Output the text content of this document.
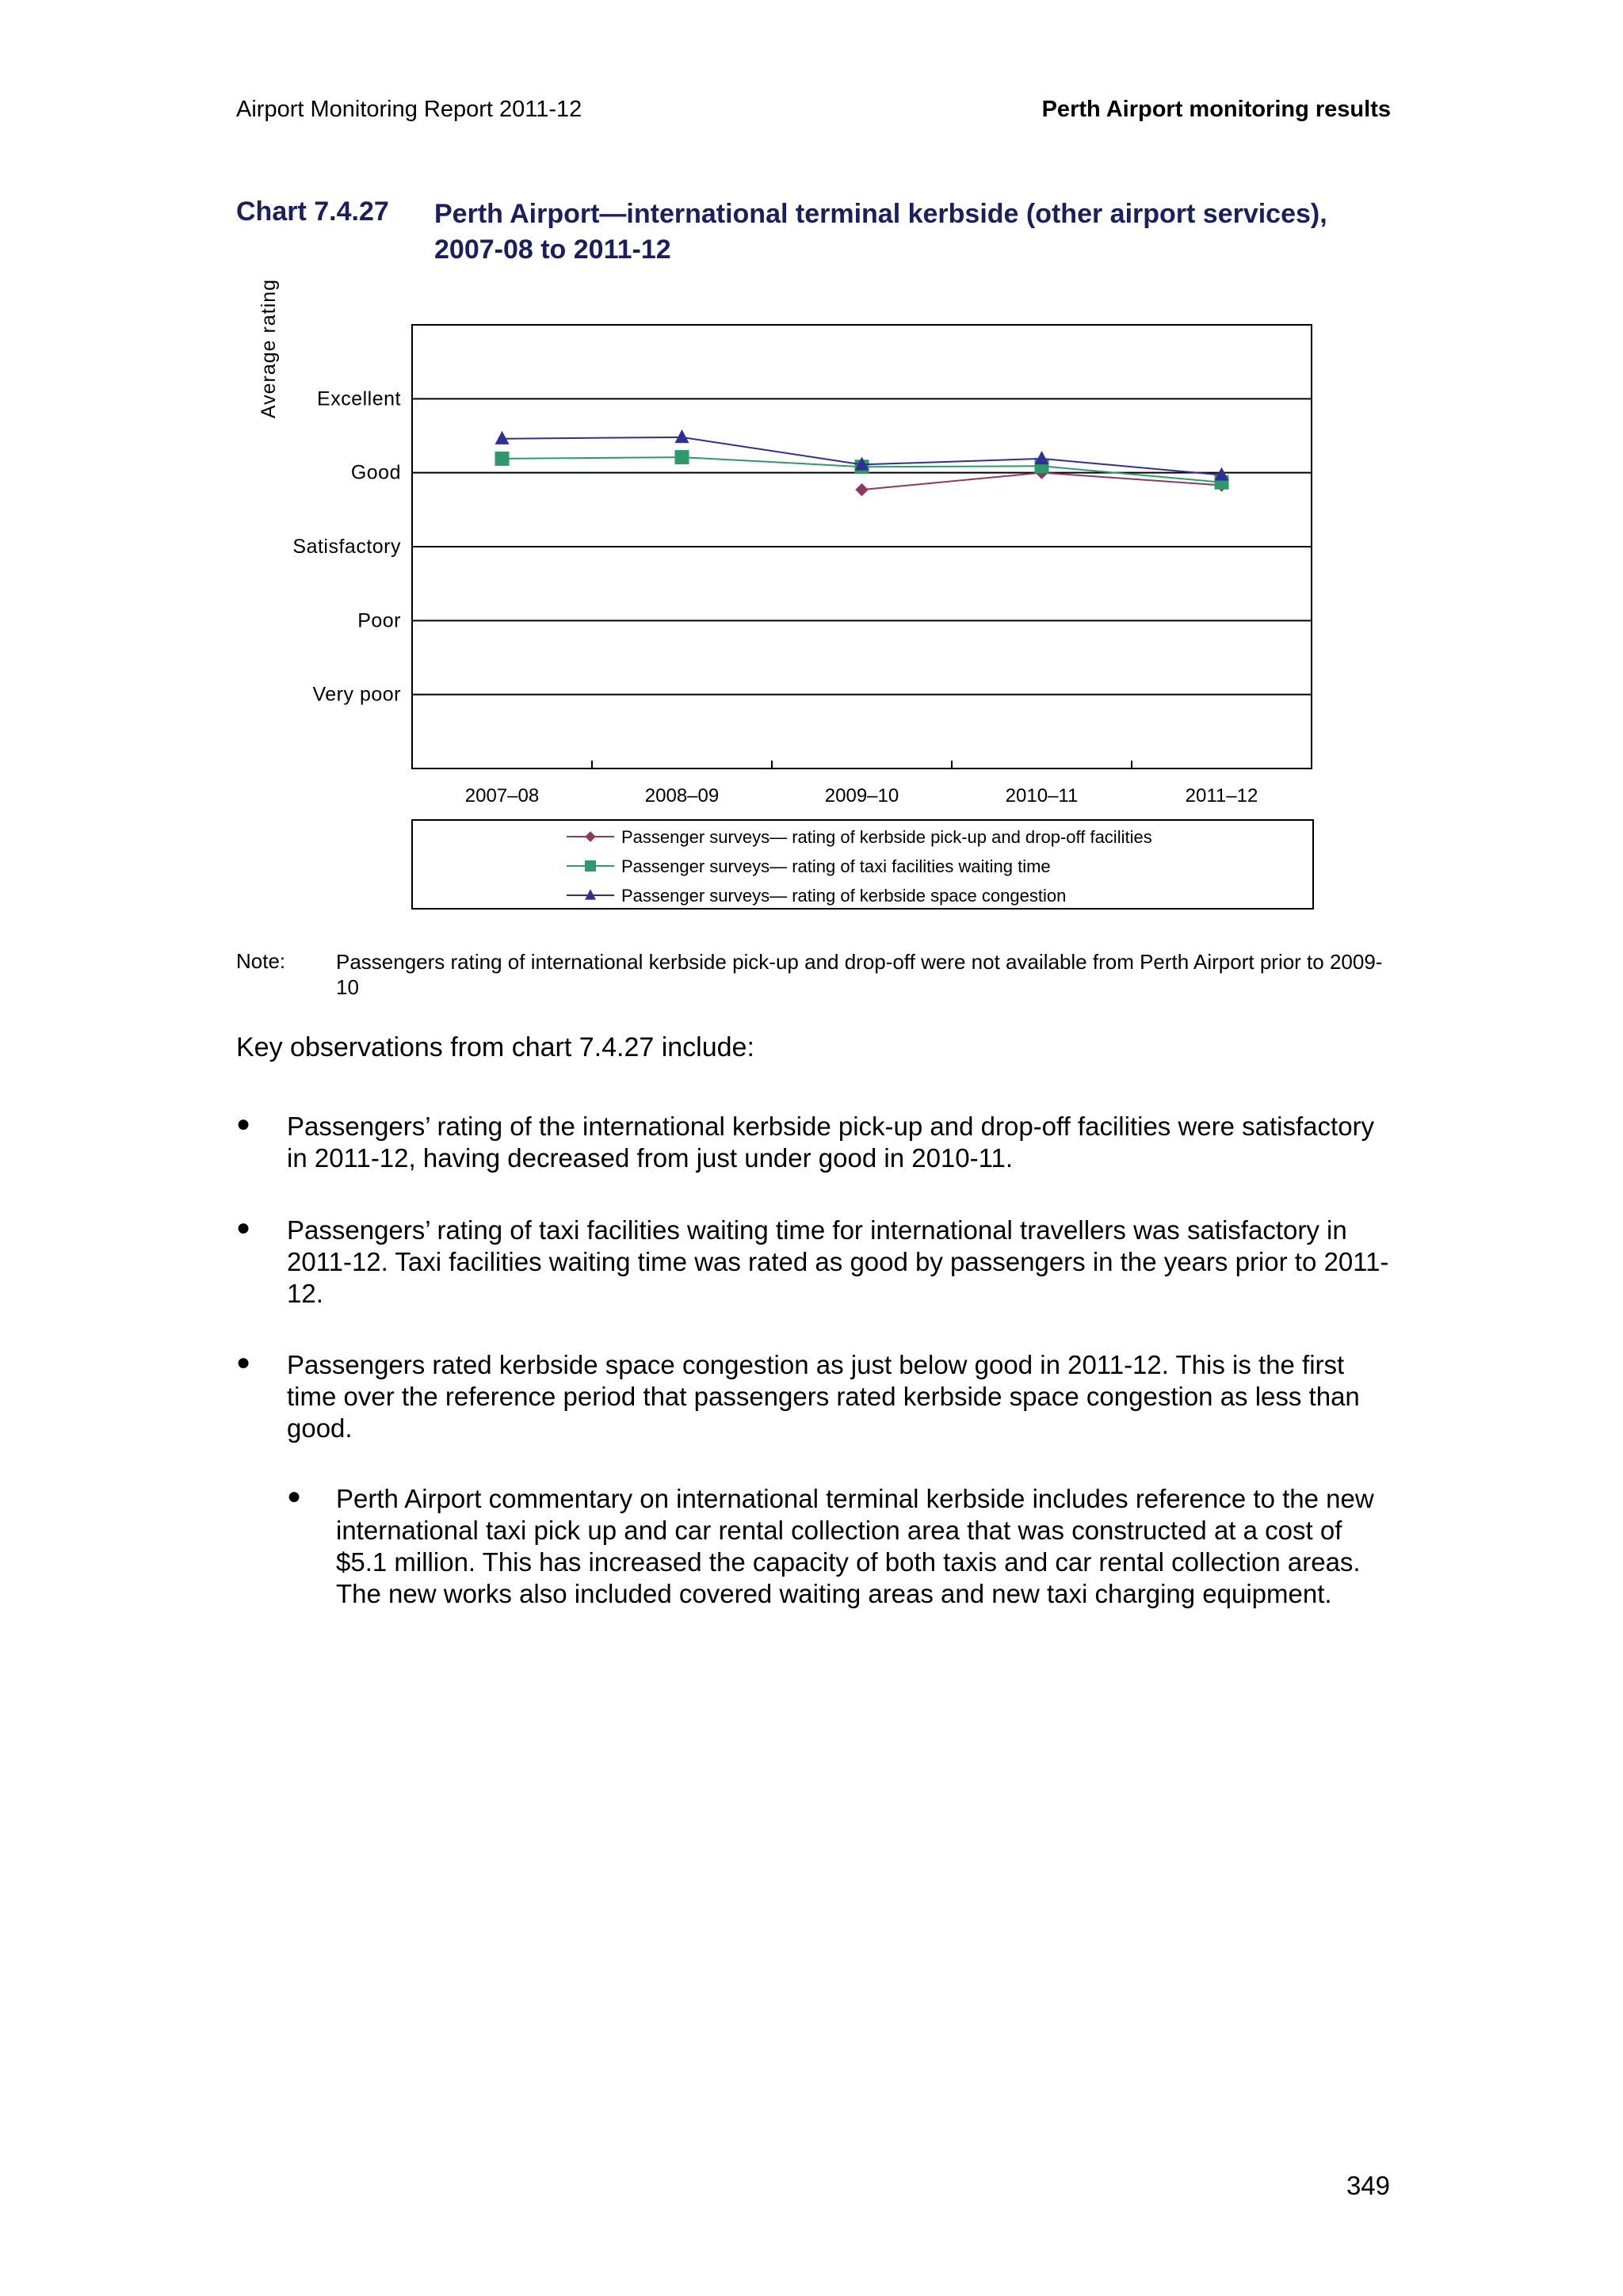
Airport Monitoring Report 2011-12	Perth Airport monitoring results
Chart 7.4.27 Perth Airport—international terminal kerbside (other airport services), 2007-08 to 2011-12
Very poor
Poor
Satisfactory
Good
Excellent
Average rating
2007–08	2008–09	2009–10	2010–11	2011–12
Passenger surveys— rating of kerbside pick-up and drop-off facilities
Passenger surveys— rating of taxi facilities waiting time
Passenger surveys— rating of kerbside space congestion
Note: Passengers rating of international kerbside pick-up and drop-off were not available from Perth Airport prior to 2009-10
Key observations from chart 7.4.27 include:
● Passengers’ rating of the international kerbside pick-up and drop-off facilities were satisfactory in 2011-12, having decreased from just under good in 2010-11.
● Passengers’ rating of taxi facilities waiting time for international travellers was satisfactory in 2011-12. Taxi facilities waiting time was rated as good by passengers in the years prior to 2011-12.
● Passengers rated kerbside space congestion as just below good in 2011-12. This is the first time over the reference period that passengers rated kerbside space congestion as less than good.
● Perth Airport commentary on international terminal kerbside includes reference to the new international taxi pick up and car rental collection area that was constructed at a cost of $5.1 million. This has increased the capacity of both taxis and car rental collection areas. The new works also included covered waiting areas and new taxi charging equipment.
349
